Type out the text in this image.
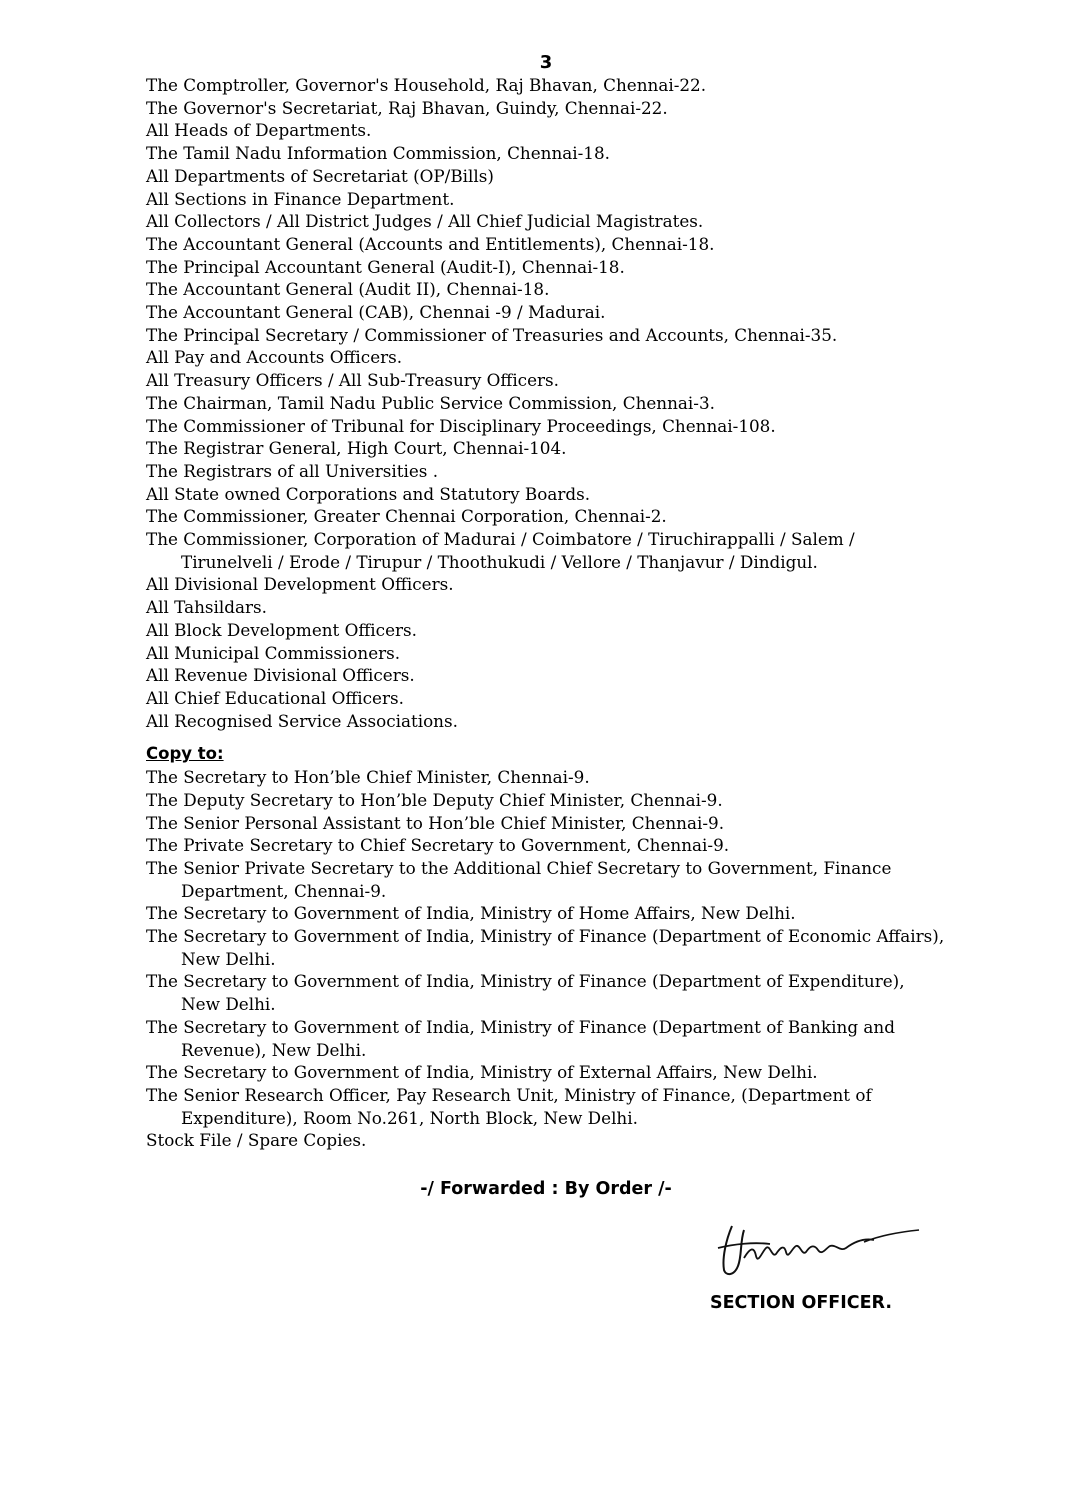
3
The Comptroller, Governor's Household, Raj Bhavan, Chennai-22.
The Governor's Secretariat, Raj Bhavan, Guindy, Chennai-22.
All Heads of Departments.
The Tamil Nadu Information Commission, Chennai-18.
All Departments of Secretariat (OP/Bills)
All Sections in Finance Department.
All Collectors / All District Judges / All Chief Judicial Magistrates.
The Accountant General (Accounts and Entitlements), Chennai-18.
The Principal Accountant General (Audit-I), Chennai-18.
The Accountant General (Audit II), Chennai-18.
The Accountant General (CAB), Chennai -9 / Madurai.
The Principal Secretary / Commissioner of Treasuries and Accounts, Chennai-35.
All Pay and Accounts Officers.
All Treasury Officers / All Sub-Treasury Officers.
The Chairman, Tamil Nadu Public Service Commission, Chennai-3.
The Commissioner of Tribunal for Disciplinary Proceedings, Chennai-108.
The Registrar General, High Court, Chennai-104.
The Registrars of all Universities .
All State owned Corporations and Statutory Boards.
The Commissioner, Greater Chennai Corporation, Chennai-2.
The Commissioner, Corporation of Madurai / Coimbatore / Tiruchirappalli / Salem / Tirunelveli / Erode / Tirupur / Thoothukudi / Vellore / Thanjavur / Dindigul.
All Divisional Development Officers.
All Tahsildars.
All Block Development Officers.
All Municipal Commissioners.
All Revenue Divisional Officers.
All Chief Educational Officers.
All Recognised Service Associations.
Copy to:
The Secretary to Hon’ble Chief Minister, Chennai-9.
The Deputy Secretary to Hon’ble Deputy Chief Minister, Chennai-9.
The Senior Personal Assistant to Hon’ble Chief Minister, Chennai-9.
The Private Secretary to Chief Secretary to Government, Chennai-9.
The Senior Private Secretary to the Additional Chief Secretary to Government, Finance Department, Chennai-9.
The Secretary to Government of India, Ministry of Home Affairs, New Delhi.
The Secretary to Government of India, Ministry of Finance (Department of Economic Affairs), New Delhi.
The Secretary to Government of India, Ministry of Finance (Department of Expenditure), New Delhi.
The Secretary to Government of India, Ministry of Finance (Department of Banking and Revenue), New Delhi.
The Secretary to Government of India, Ministry of External Affairs, New Delhi.
The Senior Research Officer, Pay Research Unit, Ministry of Finance, (Department of Expenditure), Room No.261, North Block, New Delhi.
Stock File / Spare Copies.
-/ Forwarded : By Order /-
SECTION OFFICER.
